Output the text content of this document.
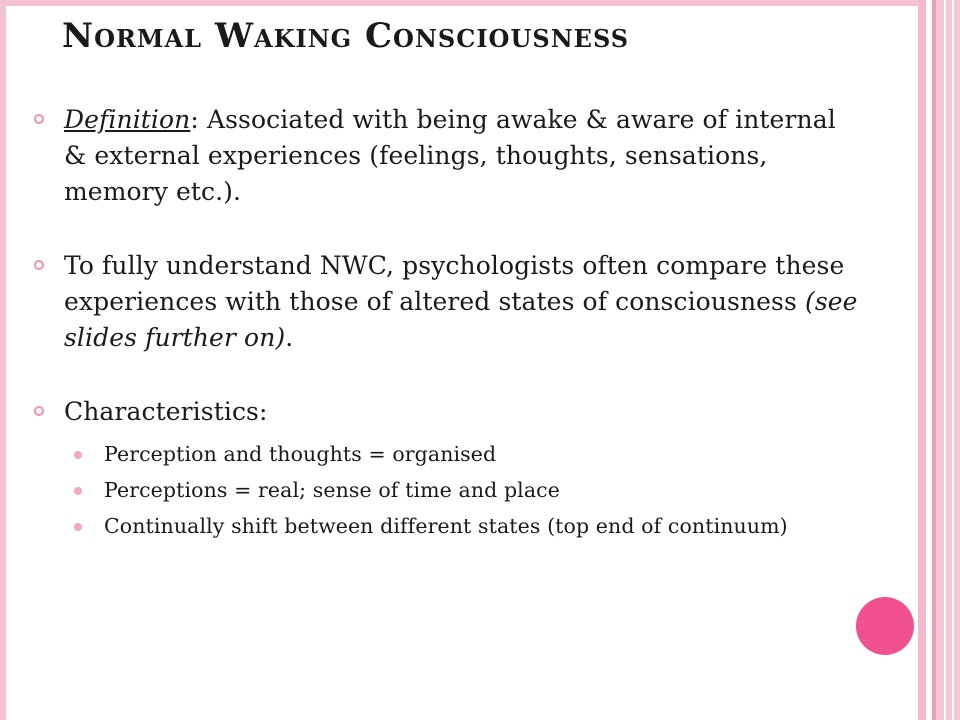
Normal Waking Consciousness
Definition: Associated with being awake & aware of internal & external experiences (feelings, thoughts, sensations, memory etc.).
To fully understand NWC, psychologists often compare these experiences with those of altered states of consciousness (see slides further on).
Characteristics:
Perception and thoughts = organised
Perceptions = real; sense of time and place
Continually shift between different states (top end of continuum)
